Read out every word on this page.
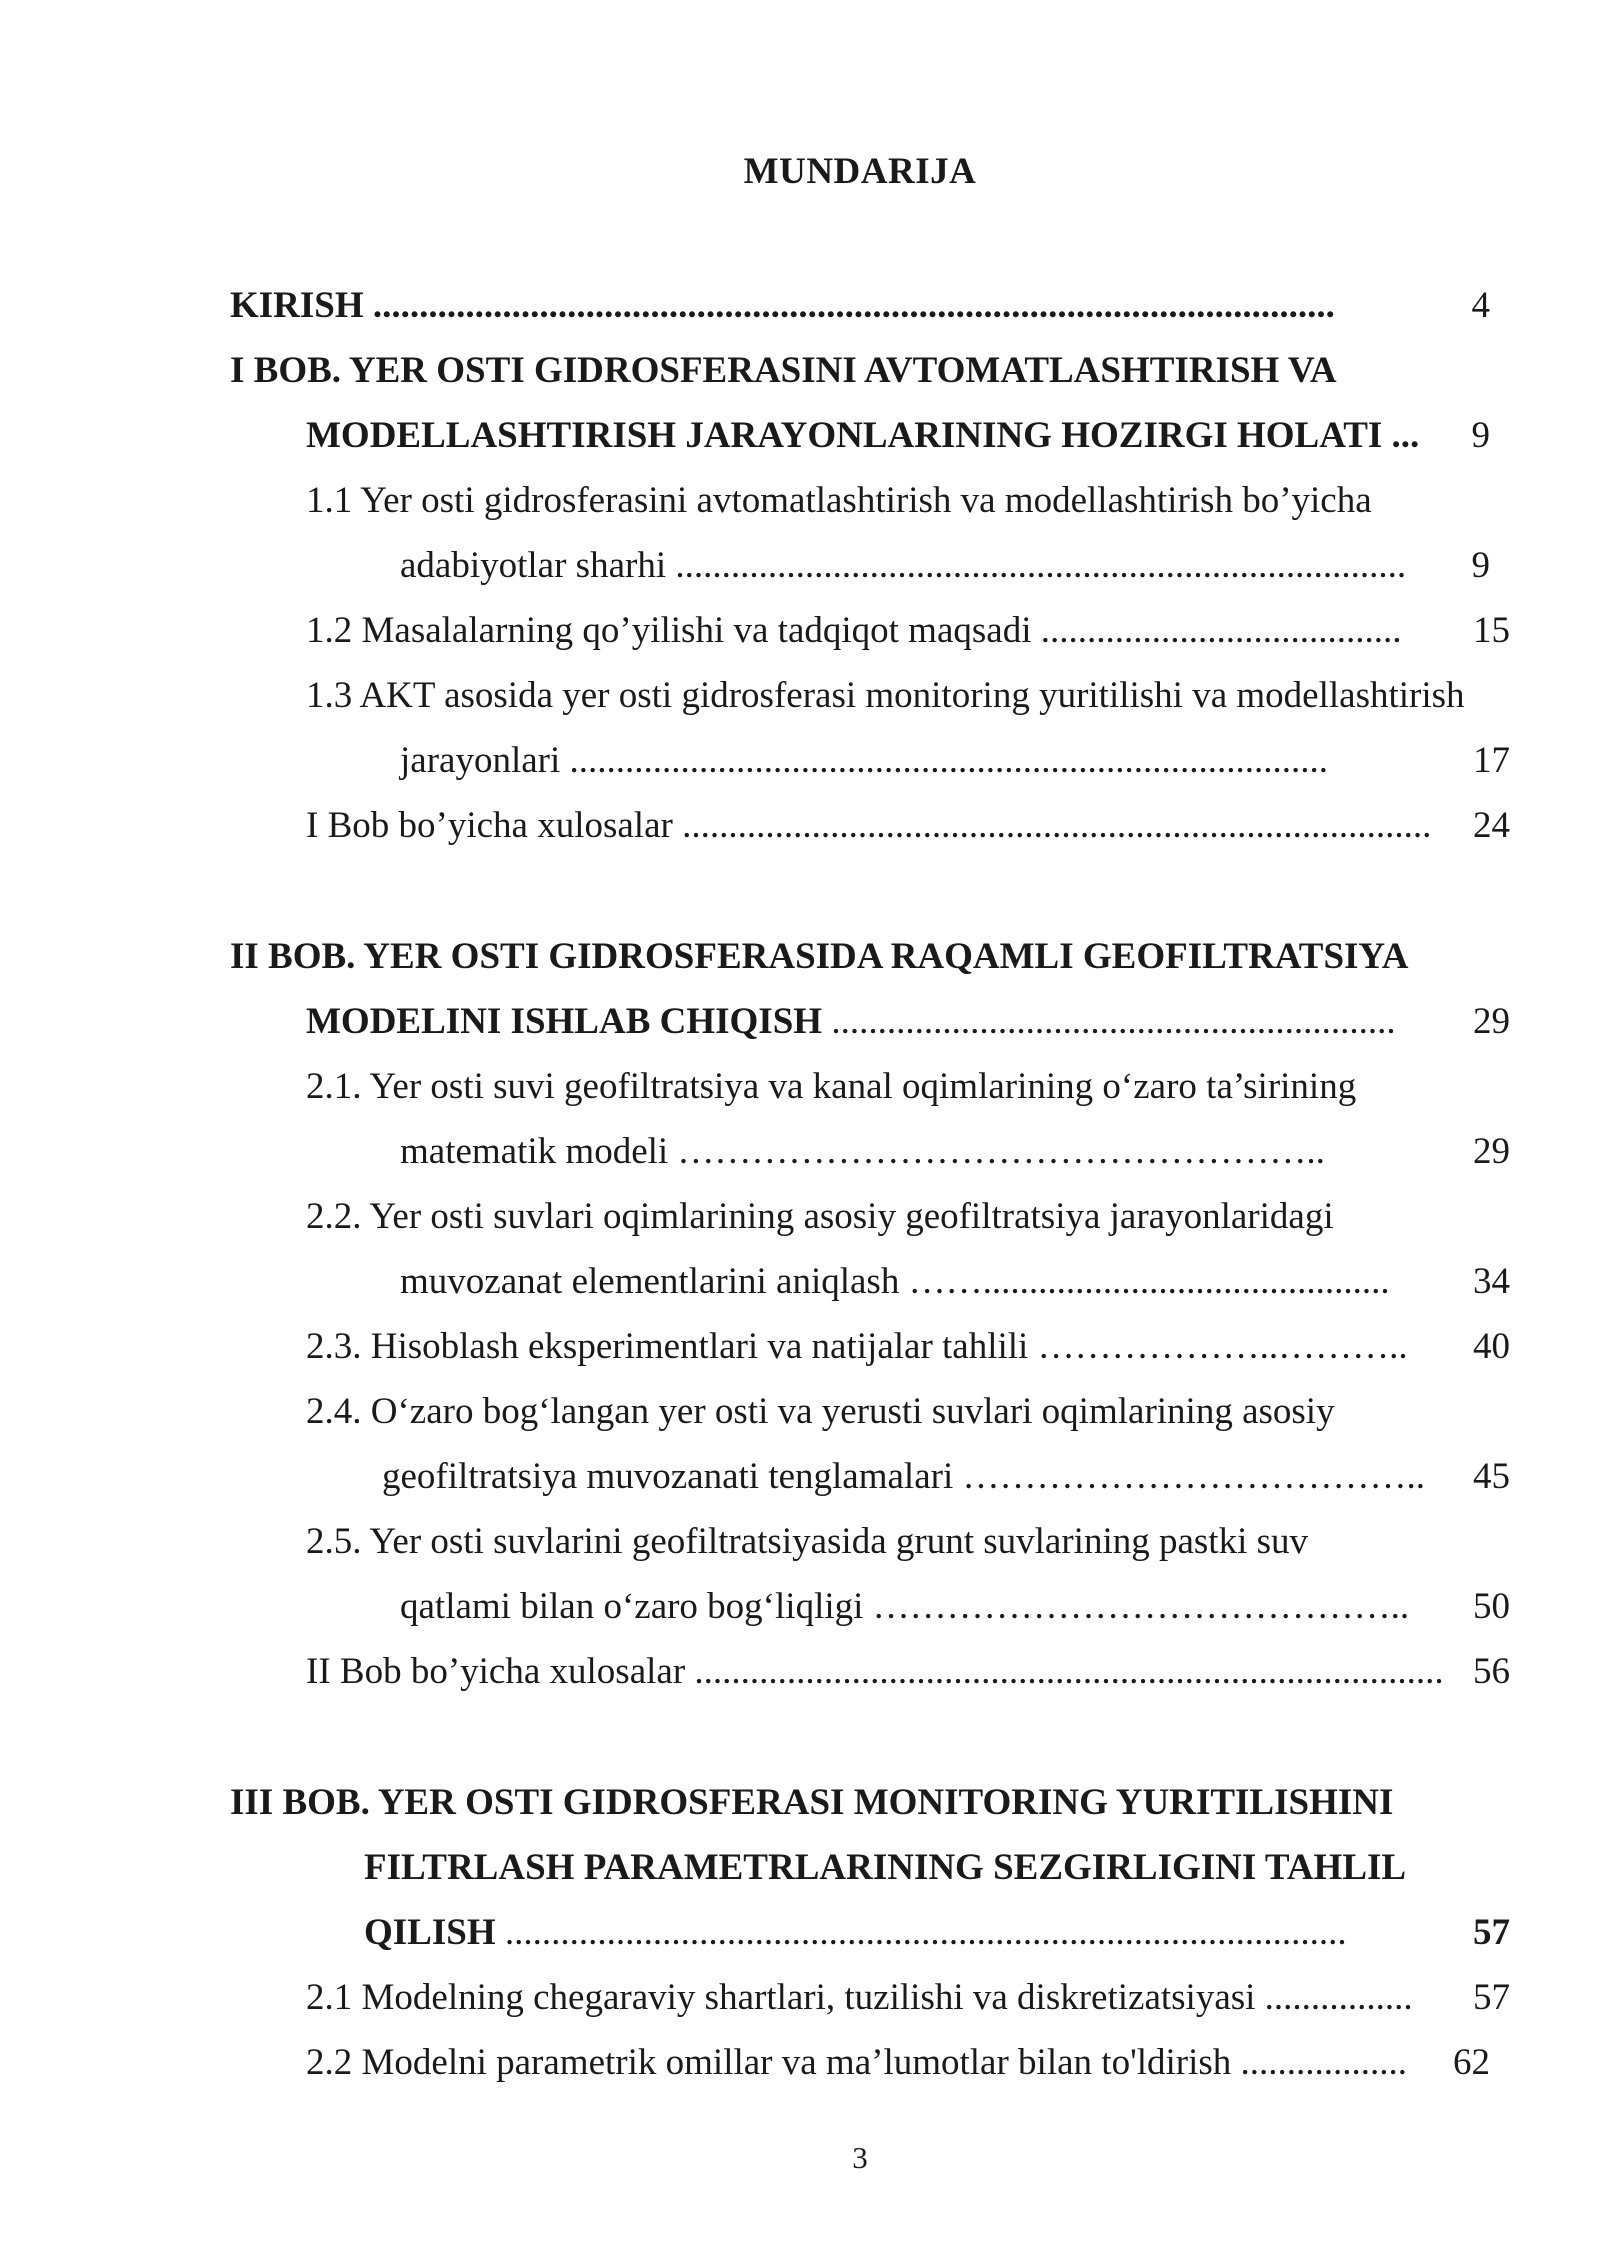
MUNDARIJA
KIRISH ........................................................................................................	4
I BOB. YER OSTI GIDROSFERASINI AVTOMATLASHTIRISH VA
MODELLASHTIRISH JARAYONLARINING HOZIRGI HOLATI ...	9
1.1 Yer osti gidrosferasini avtomatlashtirish va modellashtirish bo’yicha
adabiyotlar sharhi ...............................................................................	9
1.2 Masalalarning qo’yilishi va tadqiqot maqsadi .......................................	15
1.3 AKT asosida yer osti gidrosferasi monitoring yuritilishi va modellashtirish
jarayonlari ..................................................................................	17
I Bob bo’yicha xulosalar .................................................................................	24
II BOB. YER OSTI GIDROSFERASIDA RAQAMLI GEOFILTRATSIYA
MODELINI ISHLAB CHIQISH .............................................................	29
2.1. Yer osti suvi geofiltratsiya va kanal oqimlarining o‘zaro ta’sirining
matematik modeli ……………………………………………..	29
2.2. Yer osti suvlari oqimlarining asosiy geofiltratsiya jarayonlaridagi
muvozanat elementlarini aniqlash ……............................................	34
2.3. Hisoblash eksperimentlari va natijalar tahlili ………………..………..	40
2.4. O‘zaro bog‘langan yer osti va yerusti suvlari oqimlarining asosiy
geofiltratsiya muvozanati tenglamalari ………………………………..	45
2.5. Yer osti suvlarini geofiltratsiyasida grunt suvlarining pastki suv
qatlami bilan o‘zaro bog‘liqligi ……………………………………..	50
II Bob bo’yicha xulosalar ................................................................................. 56
III BOB. YER OSTI GIDROSFERASI MONITORING YURITILISHINI
FILTRLASH PARAMETRLARINING SEZGIRLIGINI TAHLIL
QILISH ...........................................................................................	57
2.1 Modelning chegaraviy shartlari, tuzilishi va diskretizatsiyasi ................	57
2.2 Modelni parametrik omillar va ma’lumotlar bilan to'ldirish ..................	62
3
